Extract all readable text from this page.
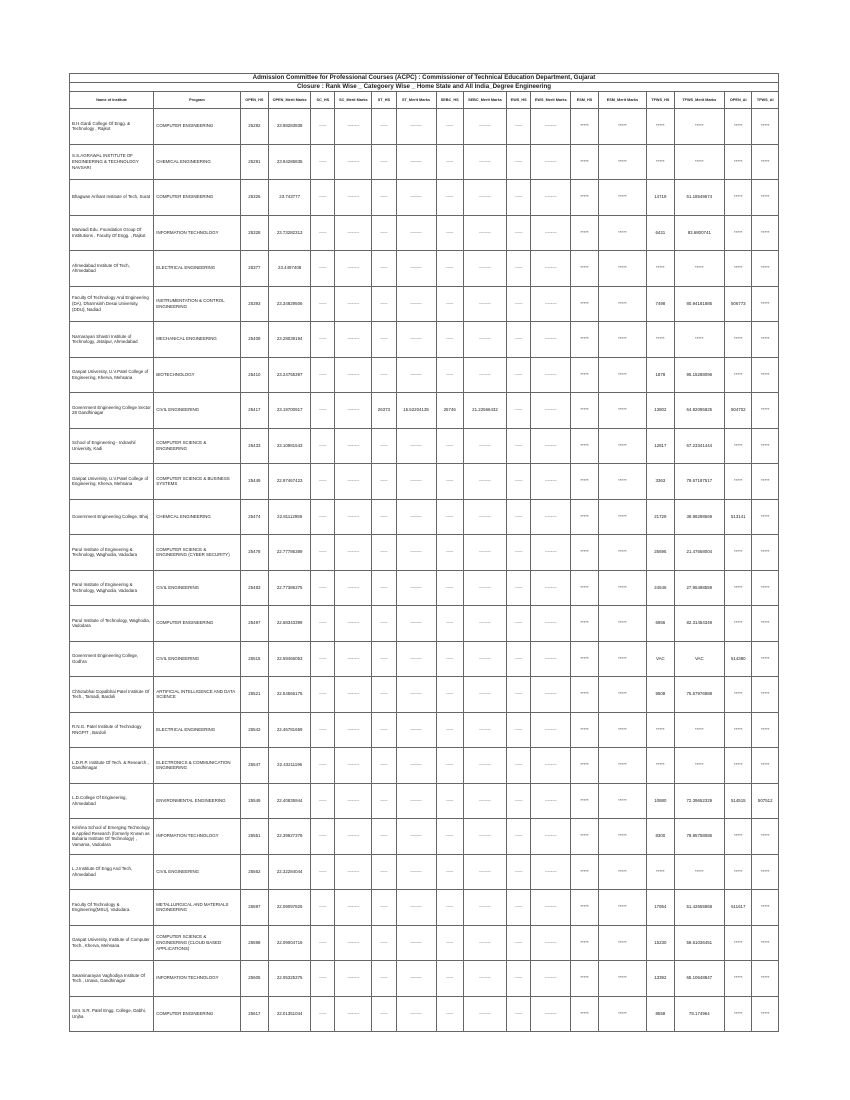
Admission Committee for Professional Courses (ACPC) : Commissioner of Technical Education Department, Gujarat																	
Closure : Rank Wise _ Categoery Wise _ Home State and All India_Degree Engineering																	
Name of Institute	Program	OPEN_HS	OPEN_Merit Marks	SC_HS	SC_Merit Marks	ST_HS	ST_Merit Marks	SEBC_HS	SEBC_Merit Marks	EWS_HS	EWS_Merit Marks	ESM_HS	ESM_Merit Marks	TFWS_HS	TFWS_Merit Marks	OPEN_AI	TFWS_AI
B.H.Gardi College Of Engg. & Technology , Rajkot	COMPUTER ENGINEERING	25282	23.98283838	-----	--------	-----	--------	-----	--------	-----	--------	*****	*****	*****	*****	*****	*****
S.S.AGRAWAL INSTITUTE OF ENGINEERING & TECHNOLOGY NAVSARI	CHEMICAL ENGINEERING	25291	23.94286835	-----	--------	-----	--------	-----	--------	-----	--------	*****	*****	*****	*****	*****	*****
Bhagwan Arihant Institute of Tech, Surat	COMPUTER ENGINEERING	25326	23.743777	-----	--------	-----	--------	-----	--------	-----	--------	*****	*****	14719	61.18549674	*****	*****
Marwadi Edu. Foundation Group Of Institutions , Faculty Of Engg. , Rajkot	INFORMATION TECHNOLOGY	25328	23.73282313	-----	--------	-----	--------	-----	--------	-----	--------	*****	*****	6421	83.6800741	*****	*****
Ahmedabad Institute Of Tech, Ahmedabad	ELECTRICAL ENGINEERING	25377	23.4497408	-----	--------	-----	--------	-----	--------	-----	--------	*****	*****	*****	*****	*****	*****
Faculty Of Technology And Engineering (DA), Dharmsinh Desai University, (DDU), Nadiad	INSTRUMENTATION & CONTROL ENGINEERING	25393	23.34829506	-----	--------	-----	--------	-----	--------	-----	--------	*****	*****	7498	80.94181885	506773	*****
Narnarayan Shastri Institute of Technology, Jetalpur, Ahmedabad	MECHANICAL ENGINEERING	25409	23.28039194	-----	--------	-----	--------	-----	--------	-----	--------	*****	*****	*****	*****	*****	*****
Ganpat University, U.V.Patel College of Engineering, Kherva, Mehsana	BIOTECHNOLOGY	25410	23.24755397	-----	--------	-----	--------	-----	--------	-----	--------	*****	*****	1878	95.15288096	*****	*****
Government Engineering College Sector 28 Gandhinagar	CIVIL ENGINEERING	25417	23.19700917	-----	--------	26373	15.52204135	25746	21.22566432	-----	--------	*****	*****	13802	64.82095825	504702	*****
School of Engineering - Indrashil University, Kadi	COMPUTER SCIENCE & ENGINEERING	25433	23.10981543	-----	--------	-----	--------	-----	--------	-----	--------	*****	*****	12817	67.23341444	*****	*****
Ganpat University, U.V.Patel College of Engineering, Kherva, Mehsana	COMPUTER SCIENCE & BUSINESS SYSTEMS	25449	22.97467423	-----	--------	-----	--------	-----	--------	-----	--------	*****	*****	3363	78.67187517	*****	*****
Government Engineering College, Bhuj	CHEMICAL ENGINEERING	25474	22.81112959	-----	--------	-----	--------	-----	--------	-----	--------	*****	*****	21729	38.98298569	513141	*****
Parul Institute of Engineering & Technology, Waghodia, Vadodara	COMPUTER SCIENCE & ENGINEERING (CYBER SECURITY)	25478	22.77786389	-----	--------	-----	--------	-----	--------	-----	--------	*****	*****	25695	21.47668004	*****	*****
Parul Institute of Engineering & Technology, Waghodia, Vadodara	CIVIL ENGINEERING	25483	22.77386375	-----	--------	-----	--------	-----	--------	-----	--------	*****	*****	24546	27.95498559	*****	*****
Parul Institute of Technology, Waghodia, Vadodara	COMPUTER ENGINEERING	25497	22.68343399	-----	--------	-----	--------	-----	--------	-----	--------	*****	*****	6956	82.31454349	*****	*****
Government Engineering College, Godhra	CIVIL ENGINEERING	25515	22.59466053	-----	--------	-----	--------	-----	--------	-----	--------	*****	*****	VAC	VAC	514380	*****
Chhotubhai Gopalbhai Patel Institute Of Tech., Tarsadi, Bardoli	ARTIFICIAL INTELLIGENCE AND DATA SCIENCE	25521	22.54566175	-----	--------	-----	--------	-----	--------	-----	--------	*****	*****	9508	75.57976988	*****	*****
R.N.G. Patel Institute of Technology RNGPIT , Bardoli	ELECTRICAL ENGINEERING	25542	22.46781659	-----	--------	-----	--------	-----	--------	-----	--------	*****	*****	*****	*****	*****	*****
L.D.R.P. Institute Of Tech. & Research , Gandhinagar	ELECTRONICS & COMMUNICATION ENGINEERING	25547	22.43211196	-----	--------	-----	--------	-----	--------	-----	--------	*****	*****	*****	*****	*****	*****
L.D.College Of Engineering, Ahmedabad	ENVIRONMENTAL ENGINEERING	25549	22.40835944	-----	--------	-----	--------	-----	--------	-----	--------	*****	*****	10880	72.39652329	514515	507512
Krishna School of Emerging Technology & Applied Research (formerly Known as Babaria Institute Of Technology) , Varnama, Vadodara	INFORMATION TECHNOLOGY	25551	22.39927378	-----	--------	-----	--------	-----	--------	-----	--------	*****	*****	8300	78.85758086	*****	*****
L.J.Institute Of Engg And Tech, Ahmedabad	CIVIL ENGINEERING	25562	22.32284044	-----	--------	-----	--------	-----	--------	-----	--------	*****	*****	*****	*****	*****	*****
Faculty Of Technology & Engineering(MSU), Vadodara.	METALLURGICAL AND MATERIALS ENGINEERING	25597	22.09097826	-----	--------	-----	--------	-----	--------	-----	--------	*****	*****	17954	51.42655968	511617	*****
Ganpat University, Institute of Computer Tech., Kherva, Mehsana	COMPUTER SCIENCE & ENGINEERING (CLOUD BASED APPLICATIONS)	25598	22.09004716	-----	--------	-----	--------	-----	--------	-----	--------	*****	*****	15230	59.61036451	*****	*****
Swaminarayan Vaghodiya Institute Of Tech., Unava, Gandhinagar	INFORMATION TECHNOLOGY	25605	22.05325375	-----	--------	-----	--------	-----	--------	-----	--------	*****	*****	13392	65.10648847	*****	*****
Smt. S.R. Patel Engg. College, Dabhi, Unjha	COMPUTER ENGINEERING	25617	22.01351044	-----	--------	-----	--------	-----	--------	-----	--------	*****	*****	8558	78.174964	*****	*****
